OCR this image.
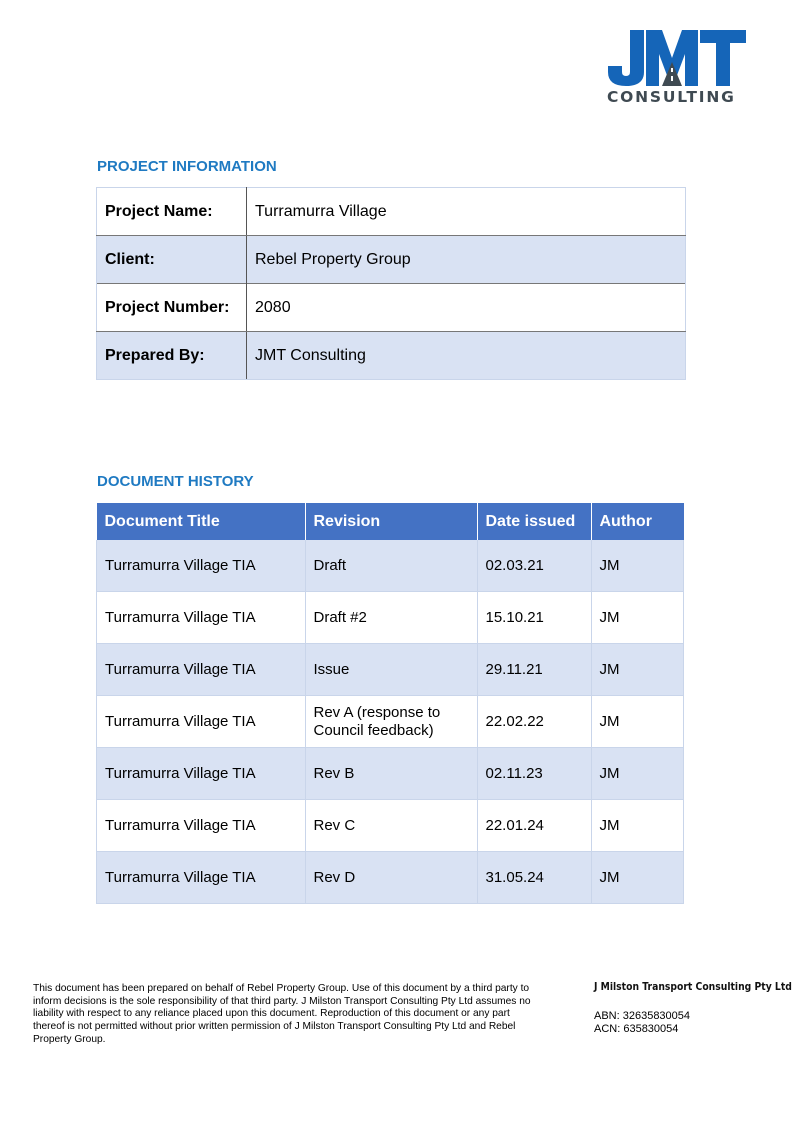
CONSULTING
PROJECT INFORMATION
Project Name:	Turramurra Village
Client:	Rebel Property Group
Project Number:	2080
Prepared By:	JMT Consulting
DOCUMENT HISTORY
Document Title	Revision	Date issued	Author
Turramurra Village TIA	Draft	02.03.21	JM
Turramurra Village TIA	Draft #2	15.10.21	JM
Turramurra Village TIA	Issue	29.11.21	JM
Turramurra Village TIA	Rev A (response to Council feedback)	22.02.22	JM
Turramurra Village TIA	Rev B	02.11.23	JM
Turramurra Village TIA	Rev C	22.01.24	JM
Turramurra Village TIA	Rev D	31.05.24	JM
This document has been prepared on behalf of Rebel Property Group. Use of this document by a third party to inform decisions is the sole responsibility of that third party. J Milston Transport Consulting Pty Ltd assumes no liability with respect to any reliance placed upon this document. Reproduction of this document or any part thereof is not permitted without prior written permission of J Milston Transport Consulting Pty Ltd and Rebel Property Group.
J Milston Transport Consulting Pty Ltd
ABN: 32635830054
ACN: 635830054
